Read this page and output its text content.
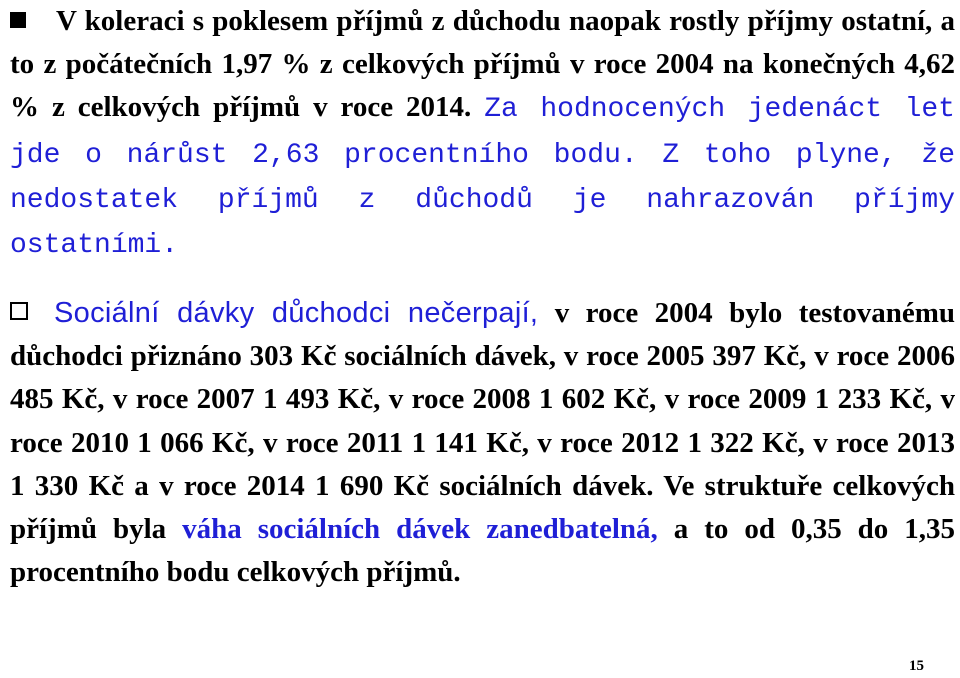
V koleraci s poklesem příjmů z důchodu naopak rostly příjmy ostatní, a to z počátečních 1,97 % z celkových příjmů v roce 2004 na konečných 4,62 % z celkových příjmů v roce 2014. Za hodnocených jedenáct let jde o nárůst 2,63 procentního bodu. Z toho plyne, že nedostatek příjmů z důchodů je nahrazován příjmy ostatními.

Sociální dávky důchodci nečerpají, v roce 2004 bylo testovanému důchodci přiznáno 303 Kč sociálních dávek, v roce 2005 397 Kč, v roce 2006 485 Kč, v roce 2007 1 493 Kč, v roce 2008 1 602 Kč, v roce 2009 1 233 Kč, v roce 2010 1 066 Kč, v roce 2011 1 141 Kč, v roce 2012 1 322 Kč, v roce 2013 1 330 Kč a v roce 2014 1 690 Kč sociálních dávek. Ve struktuře celkových příjmů byla váha sociálních dávek zanedbatelná, a to od 0,35 do 1,35 procentního bodu celkových příjmů.

15
